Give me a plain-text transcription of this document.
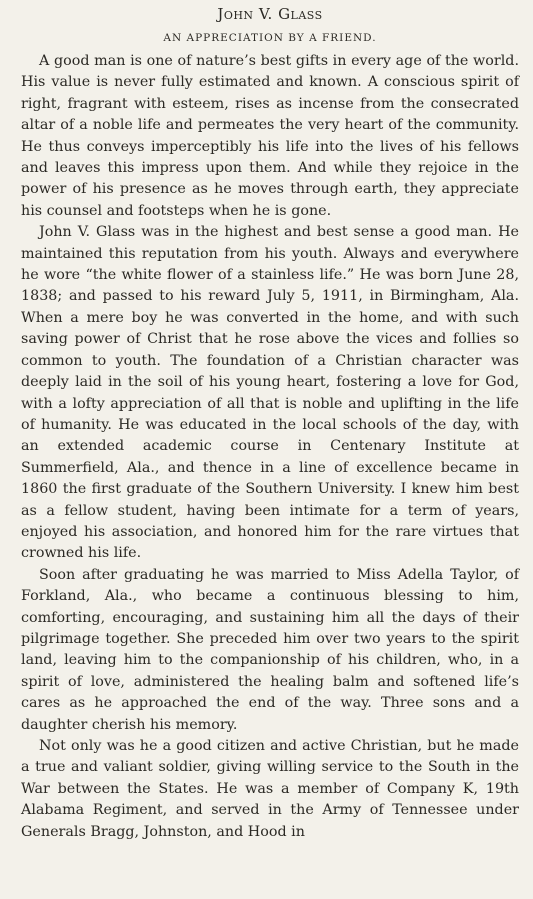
John V. Glass
AN APPRECIATION BY A FRIEND.

A good man is one of nature’s best gifts in every age of the world. His value is never fully estimated and known. A conscious spirit of right, fragrant with esteem, rises as incense from the consecrated altar of a noble life and permeates the very heart of the community. He thus conveys imperceptibly his life into the lives of his fellows and leaves this impress upon them. And while they rejoice in the power of his presence as he moves through earth, they appreciate his counsel and footsteps when he is gone.

John V. Glass was in the highest and best sense a good man. He maintained this reputation from his youth. Always and everywhere he wore “the white flower of a stainless life.” He was born June 28, 1838; and passed to his reward July 5, 1911, in Birmingham, Ala. When a mere boy he was converted in the home, and with such saving power of Christ that he rose above the vices and follies so common to youth. The foundation of a Christian character was deeply laid in the soil of his young heart, fostering a love for God, with a lofty appreciation of all that is noble and uplifting in the life of humanity. He was educated in the local schools of the day, with an extended academic course in Centenary Institute at Summerfield, Ala., and thence in a line of excellence became in 1860 the first graduate of the Southern University. I knew him best as a fellow student, having been intimate for a term of years, enjoyed his association, and honored him for the rare virtues that crowned his life.

Soon after graduating he was married to Miss Adella Taylor, of Forkland, Ala., who became a continuous blessing to him, comforting, encouraging, and sustaining him all the days of their pilgrimage together. She preceded him over two years to the spirit land, leaving him to the companionship of his children, who, in a spirit of love, administered the healing balm and softened life’s cares as he approached the end of the way. Three sons and a daughter cherish his memory.

Not only was he a good citizen and active Christian, but he made a true and valiant soldier, giving willing service to the South in the War between the States. He was a member of Company K, 19th Alabama Regiment, and served in the Army of Tennessee under Generals Bragg, Johnston, and Hood in
